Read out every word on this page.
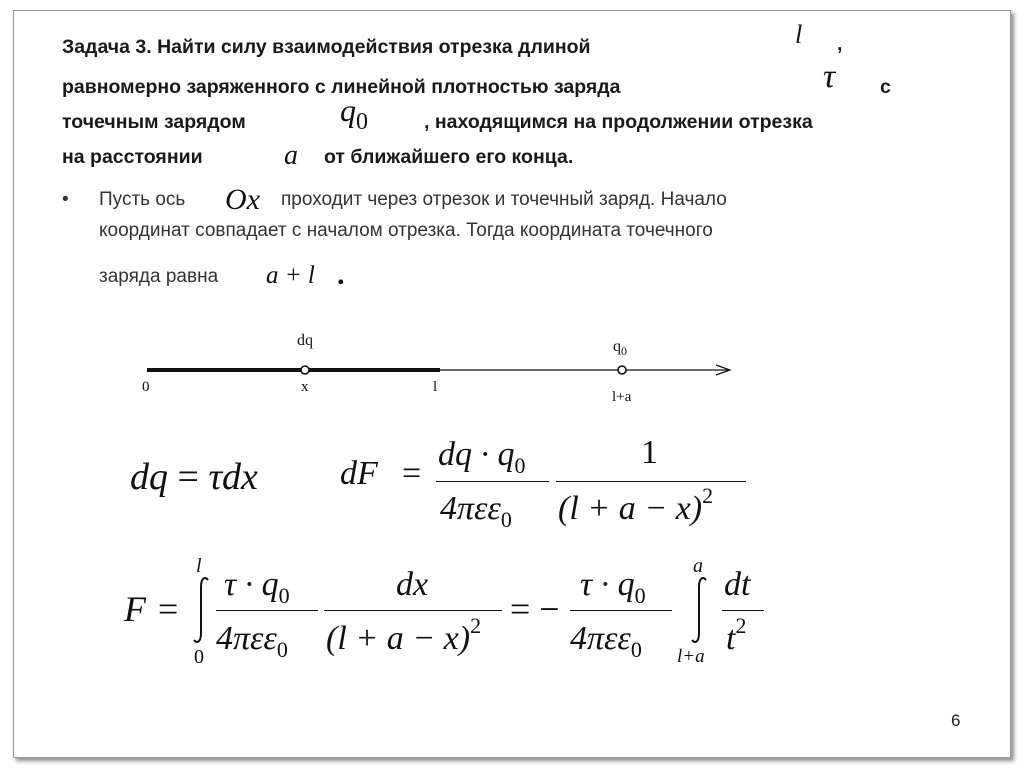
Задача 3. Найти силу взаимодействия отрезка длиной	l ,
равномерно заряженного с линейной плотностью заряда	τ с
точечным зарядом	q0	, находящимся на продолжении отрезка
на расстоянии	a от ближайшего его конца.
• Пусть ось Ox проходит через отрезок и точечный заряд. Начало
координат совпадает с началом отрезка. Тогда координата точечного
заряда равна a + l .
dq	$q_0$
0	x	l
l+a
dq = τdx dF =
dq · $q_0$
4πεε$_0$
1
$(l + a - x)^2$
F =
l
0
$\tau \cdot q_0$
4πεε$_0$
dx
$(l + a - x)^2$ = −
$\tau \cdot q_0$
4πεε$_0$
a
l+a
dt
$t^2$
6
